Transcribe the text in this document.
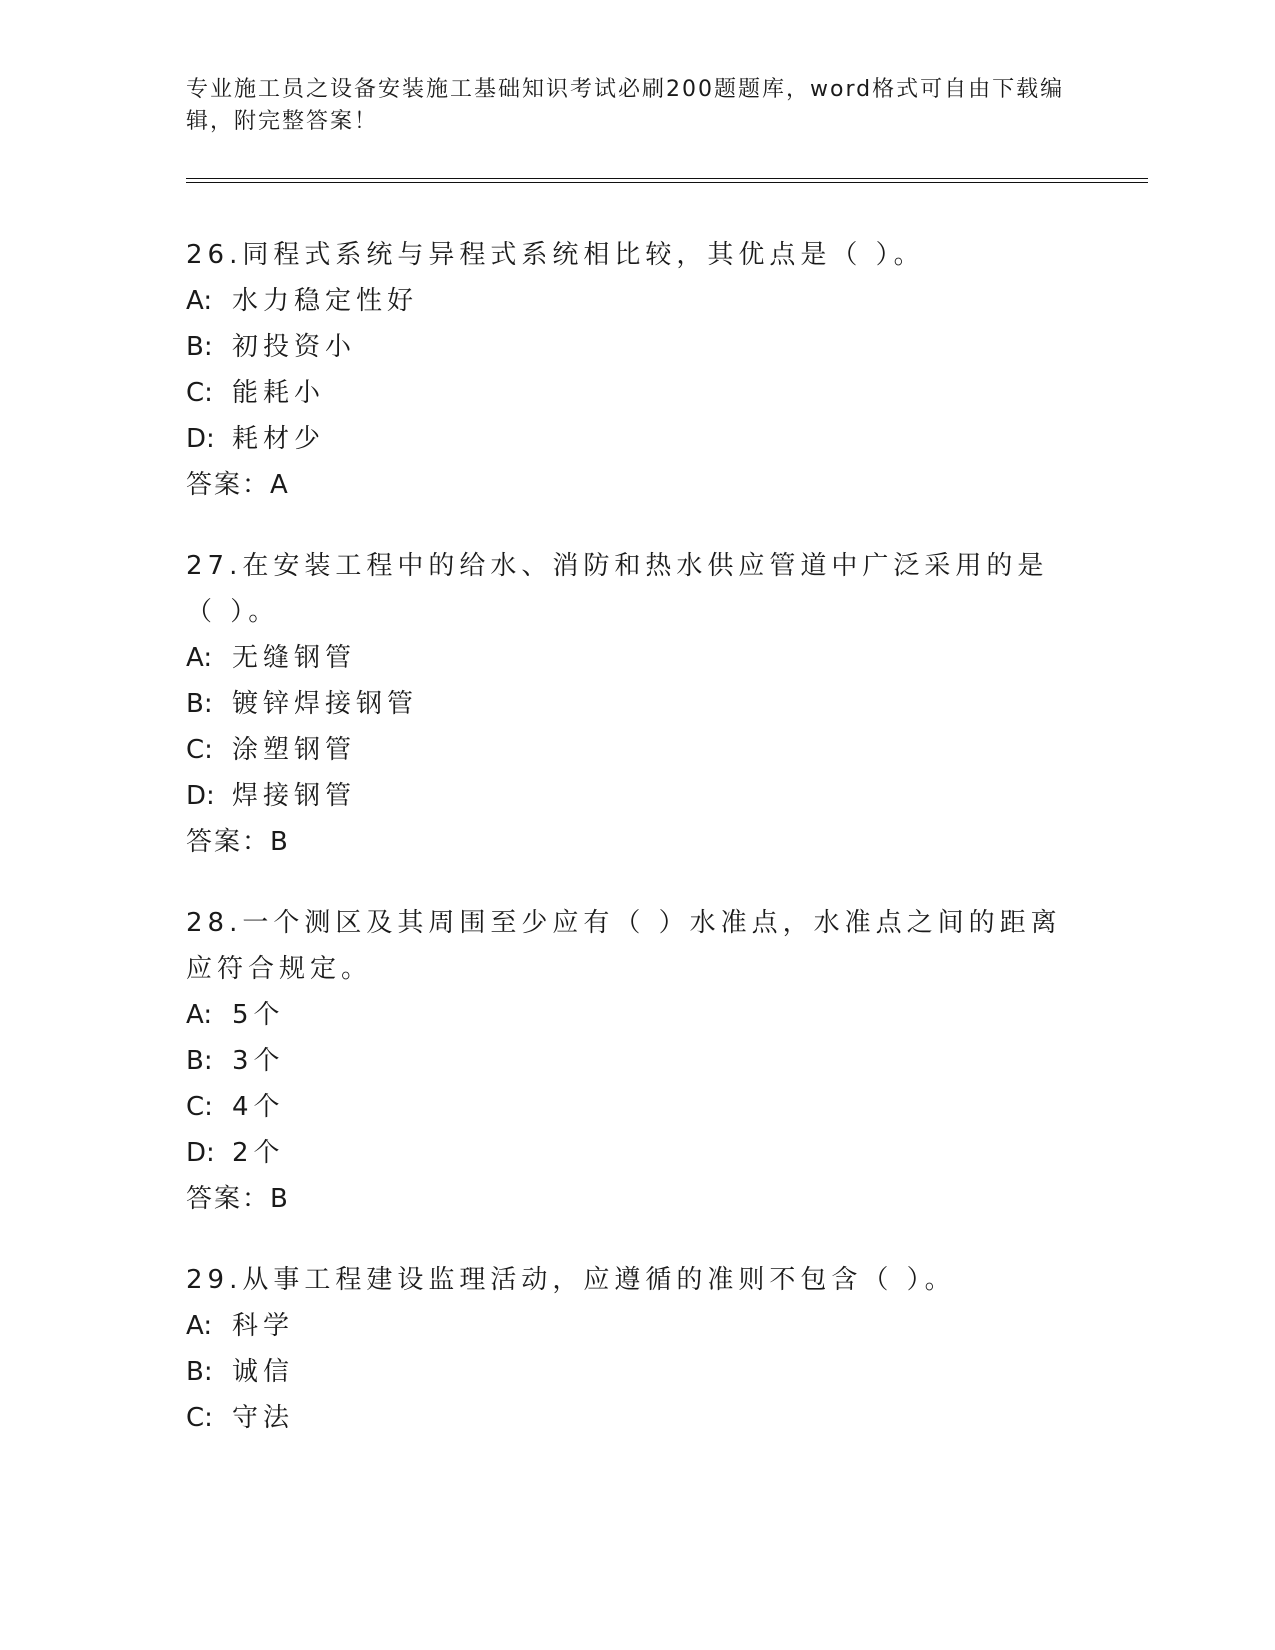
专业施工员之设备安装施工基础知识考试必刷200题题库，word格式可自由下载编辑，附完整答案！

26.同程式系统与异程式系统相比较，其优点是（ ）。

A: 水力稳定性好

B: 初投资小

C: 能耗小

D: 耗材少

答案：A

27.在安装工程中的给水、消防和热水供应管道中广泛采用的是（ ）。

A: 无缝钢管

B: 镀锌焊接钢管

C: 涂塑钢管

D: 焊接钢管

答案：B

28.一个测区及其周围至少应有（ ）水准点，水准点之间的距离应符合规定。

A: 5个

B: 3个

C: 4个

D: 2个

答案：B

29.从事工程建设监理活动，应遵循的准则不包含（ ）。

A: 科学

B: 诚信

C: 守法
